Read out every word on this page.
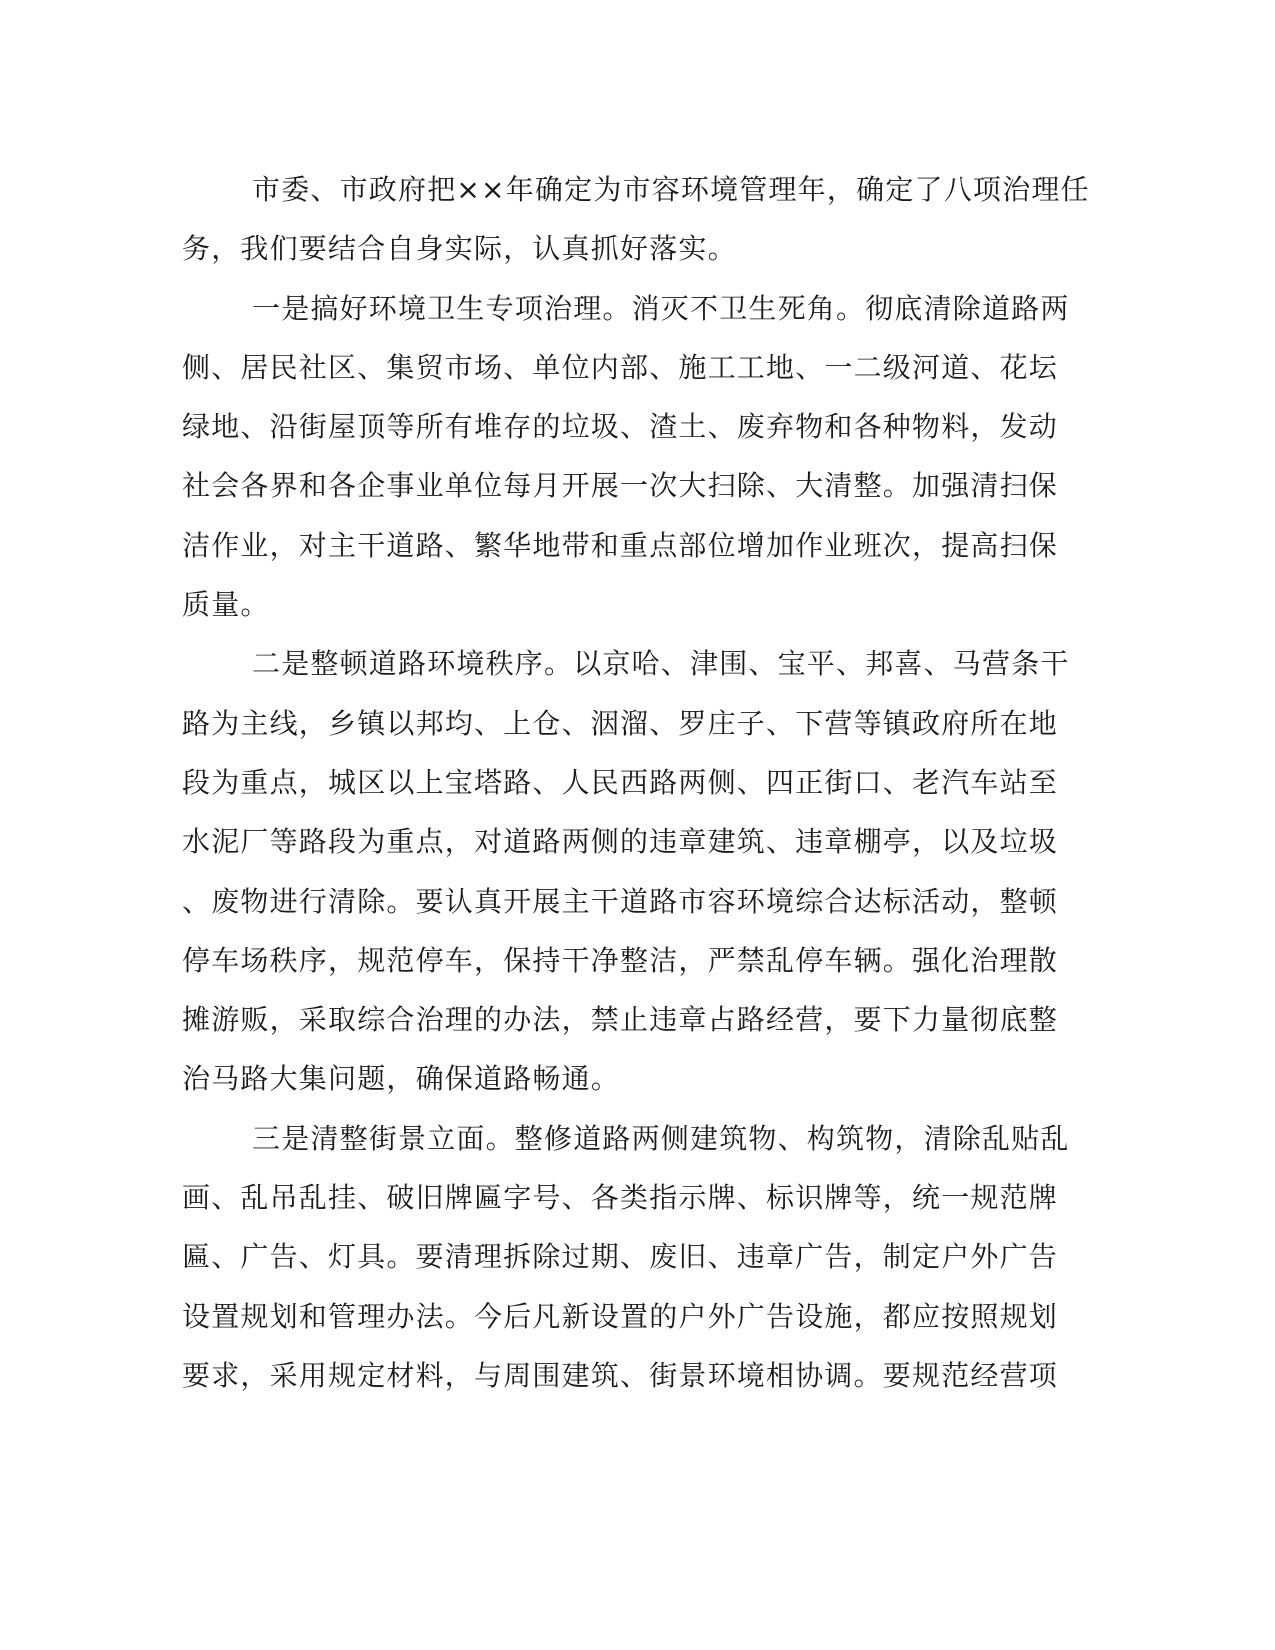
市委、市政府把××年确定为市容环境管理年，确定了八项治理任
务，我们要结合自身实际，认真抓好落实。
一是搞好环境卫生专项治理。消灭不卫生死角。彻底清除道路两
侧、居民社区、集贸市场、单位内部、施工工地、一二级河道、花坛
绿地、沿街屋顶等所有堆存的垃圾、渣土、废弃物和各种物料，发动
社会各界和各企事业单位每月开展一次大扫除、大清整。加强清扫保
洁作业，对主干道路、繁华地带和重点部位增加作业班次，提高扫保
质量。
二是整顿道路环境秩序。以京哈、津围、宝平、邦喜、马营条干
路为主线，乡镇以邦均、上仓、洇溜、罗庄子、下营等镇政府所在地
段为重点，城区以上宝塔路、人民西路两侧、四正街口、老汽车站至
水泥厂等路段为重点，对道路两侧的违章建筑、违章棚亭，以及垃圾
、废物进行清除。要认真开展主干道路市容环境综合达标活动，整顿
停车场秩序，规范停车，保持干净整洁，严禁乱停车辆。强化治理散
摊游贩，采取综合治理的办法，禁止违章占路经营，要下力量彻底整
治马路大集问题，确保道路畅通。
三是清整街景立面。整修道路两侧建筑物、构筑物，清除乱贴乱
画、乱吊乱挂、破旧牌匾字号、各类指示牌、标识牌等，统一规范牌
匾、广告、灯具。要清理拆除过期、废旧、违章广告，制定户外广告
设置规划和管理办法。今后凡新设置的户外广告设施，都应按照规划
要求，采用规定材料，与周围建筑、街景环境相协调。要规范经营项
